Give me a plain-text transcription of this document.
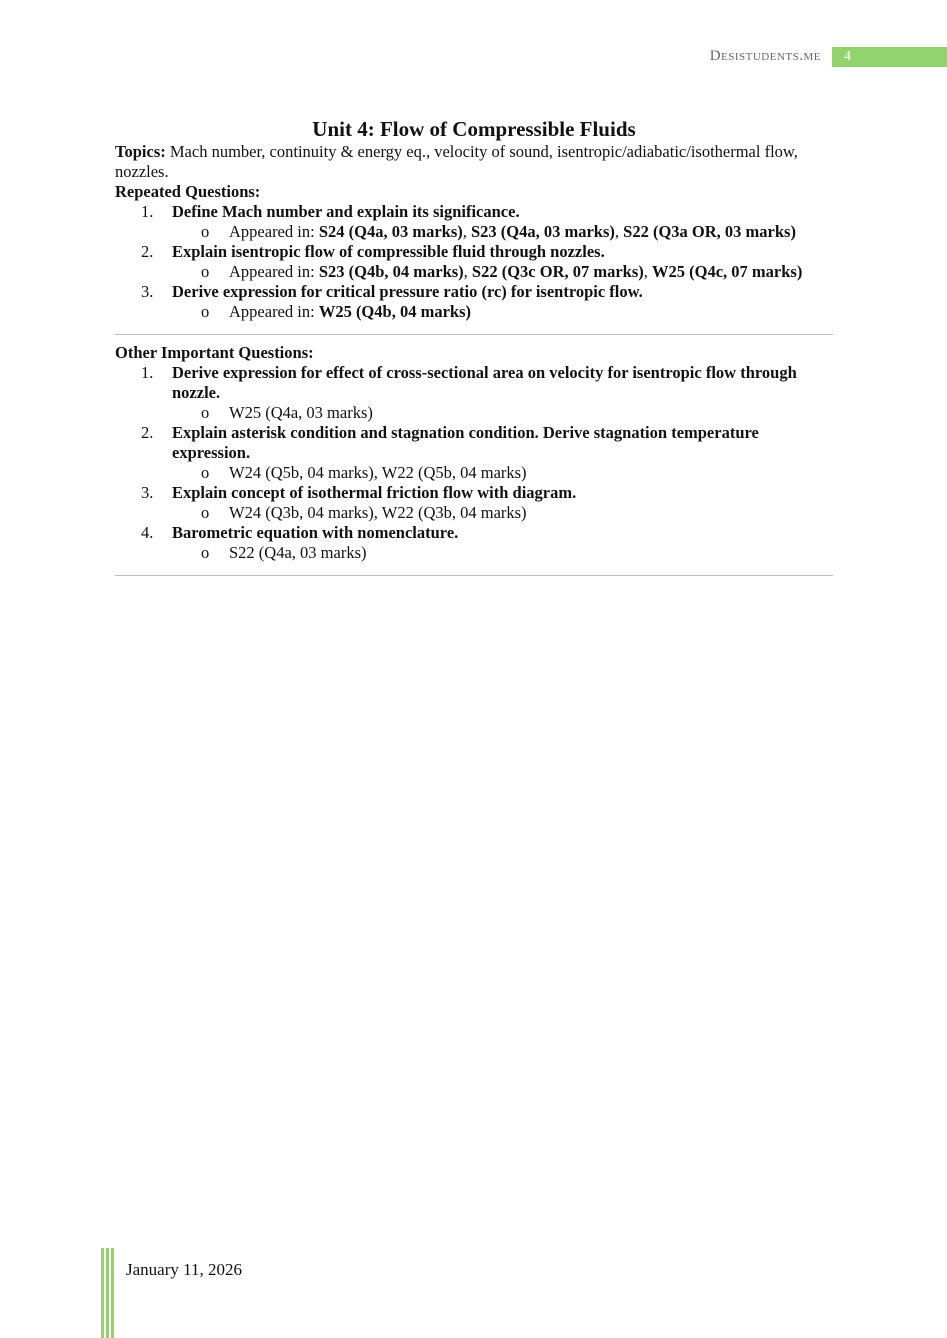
Desistudents.me	4
Unit 4: Flow of Compressible Fluids

Topics: Mach number, continuity & energy eq., velocity of sound, isentropic/adiabatic/isothermal flow, nozzles.

Repeated Questions:

1.	Define Mach number and explain its significance.
o Appeared in: S24 (Q4a, 03 marks), S23 (Q4a, 03 marks), S22 (Q3a OR, 03 marks)
2.	Explain isentropic flow of compressible fluid through nozzles.
o Appeared in: S23 (Q4b, 04 marks), S22 (Q3c OR, 07 marks), W25 (Q4c, 07 marks)
3.	Derive expression for critical pressure ratio (rc) for isentropic flow.
o Appeared in: W25 (Q4b, 04 marks)

Other Important Questions:

1.	Derive expression for effect of cross-sectional area on velocity for isentropic flow through nozzle.
o W25 (Q4a, 03 marks)
2.	Explain asterisk condition and stagnation condition. Derive stagnation temperature expression.
o W24 (Q5b, 04 marks), W22 (Q5b, 04 marks)
3.	Explain concept of isothermal friction flow with diagram.
o W24 (Q3b, 04 marks), W22 (Q3b, 04 marks)
4.	Barometric equation with nomenclature.
o S22 (Q4a, 03 marks)
January 11, 2026
